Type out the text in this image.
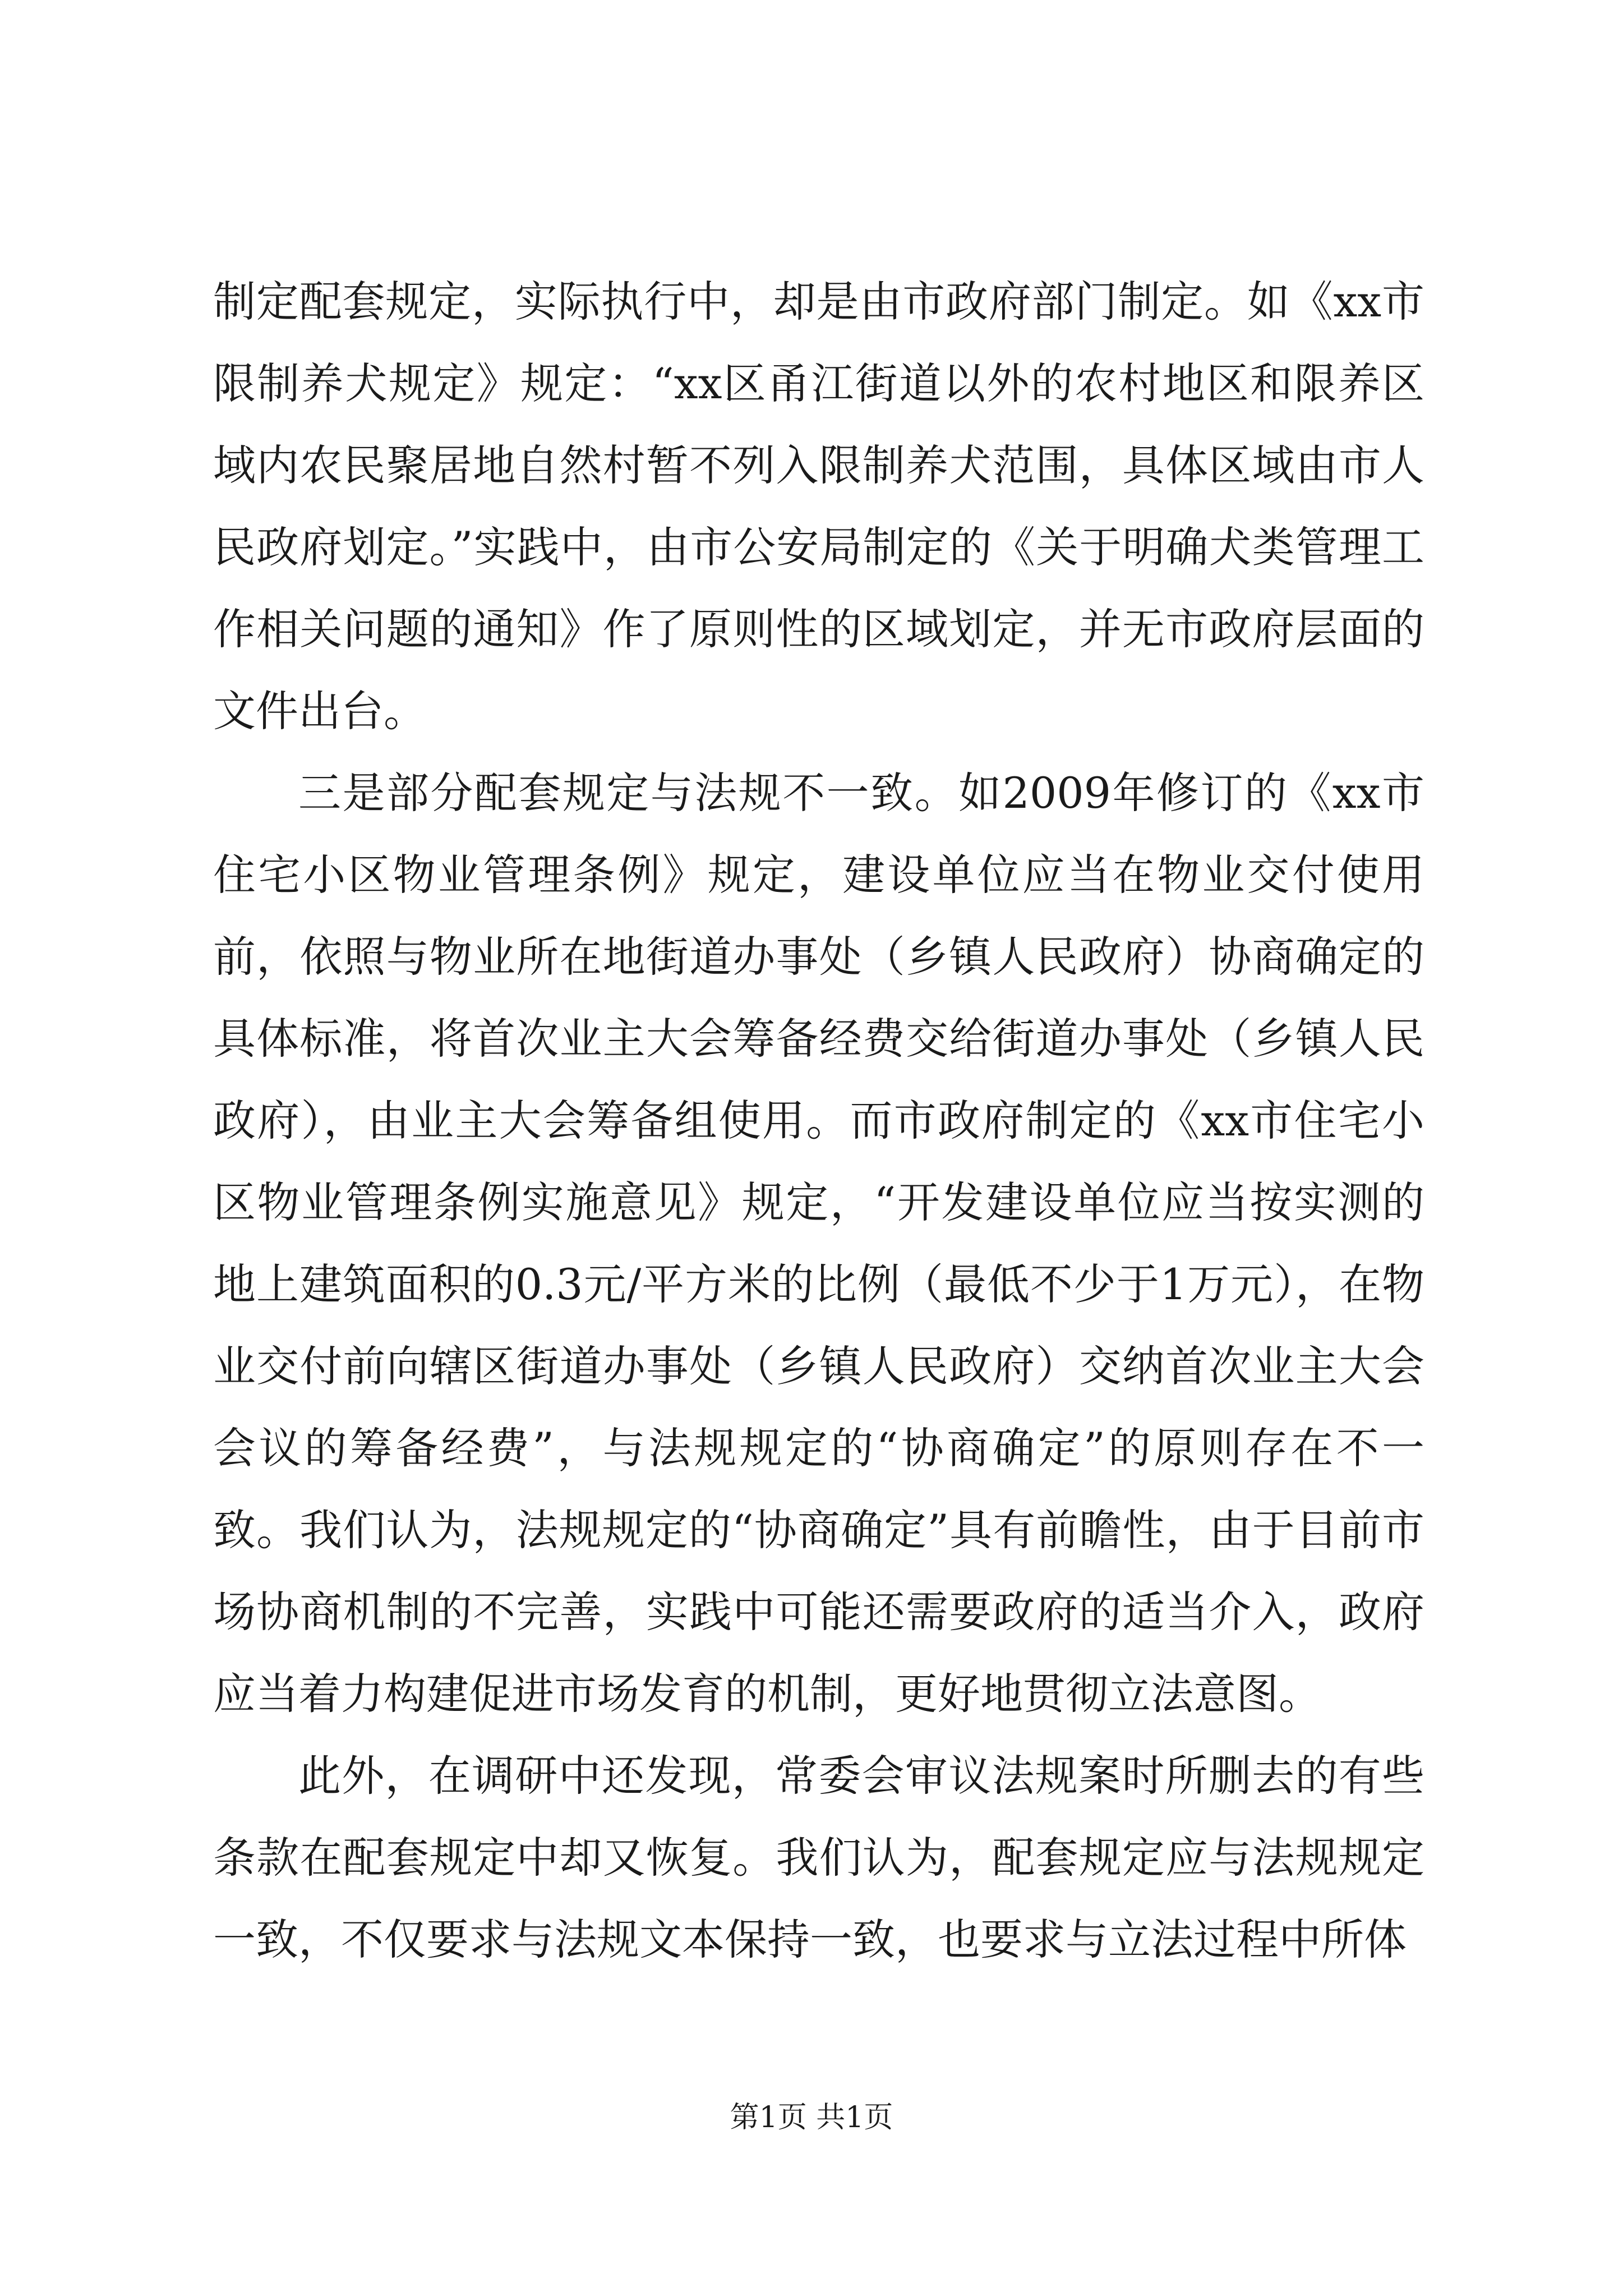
制定配套规定，实际执行中，却是由市政府部门制定。如《xx市限制养犬规定》规定：“xx区甬江街道以外的农村地区和限养区域内农民聚居地自然村暂不列入限制养犬范围，具体区域由市人民政府划定。”实践中，由市公安局制定的《关于明确犬类管理工作相关问题的通知》作了原则性的区域划定，并无市政府层面的文件出台。

三是部分配套规定与法规不一致。如2009年修订的《xx市住宅小区物业管理条例》规定，建设单位应当在物业交付使用前，依照与物业所在地街道办事处（乡镇人民政府）协商确定的具体标准，将首次业主大会筹备经费交给街道办事处（乡镇人民政府），由业主大会筹备组使用。而市政府制定的《xx市住宅小区物业管理条例实施意见》规定，“开发建设单位应当按实测的地上建筑面积的0.3元/平方米的比例（最低不少于1万元），在物业交付前向辖区街道办事处（乡镇人民政府）交纳首次业主大会会议的筹备经费”，与法规规定的“协商确定”的原则存在不一致。我们认为，法规规定的“协商确定”具有前瞻性，由于目前市场协商机制的不完善，实践中可能还需要政府的适当介入，政府应当着力构建促进市场发育的机制，更好地贯彻立法意图。

此外，在调研中还发现，常委会审议法规案时所删去的有些条款在配套规定中却又恢复。我们认为，配套规定应与法规规定一致，不仅要求与法规文本保持一致，也要求与立法过程中所体

第1页 共1页
